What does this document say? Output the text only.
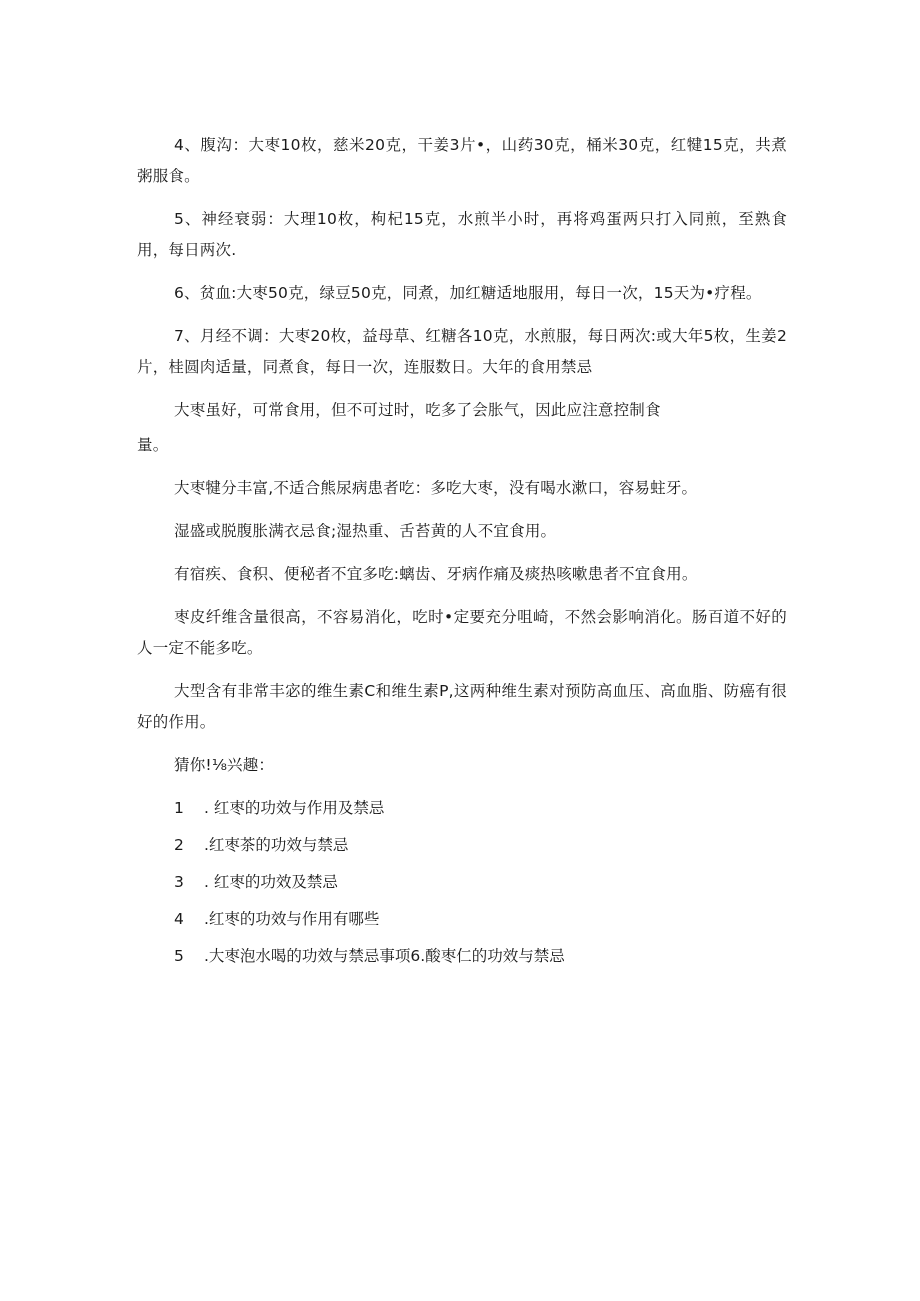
4、腹沟：大枣10枚，慈米20克，干姜3片•，山药30克，桶米30克，红犍15克，共煮粥服食。

5、神经衰弱：大理10枚，枸杞15克，水煎半小时，再将鸡蛋两只打入同煎，至熟食用，每日两次.

6、贫血:大枣50克，绿豆50克，同煮，加红糖适地服用，每日一次，15天为•疗程。

7、月经不调：大枣20枚，益母草、红糖各10克，水煎服，每日两次:或大年5枚，生姜2片，桂圆肉适量，同煮食，每日一次，连服数日。大年的食用禁忌

大枣虽好，可常食用，但不可过时，吃多了会胀气，因此应注意控制食

量。

大枣犍分丰富,不适合熊尿病患者吃：多吃大枣，没有喝水漱口，容易蛀牙。

湿盛或脱腹胀满衣忌食;湿热重、舌苔黄的人不宜食用。

有宿疾、食积、便秘者不宜多吃:螭齿、牙病作痛及痰热咳嗽患者不宜食用。

枣皮纤维含量很高，不容易消化，吃时•定要充分咀崎，不然会影响消化。肠百道不好的人一定不能多吃。

大型含有非常丰宓的维生素C和维生素P,这两种维生素对预防高血压、高血脂、防癌有很好的作用。

猜你!⅛兴趣：

1 . 红枣的功效与作用及禁忌
2 .红枣茶的功效与禁忌
3 . 红枣的功效及禁忌
4 .红枣的功效与作用有哪些
5 .大枣泡水喝的功效与禁忌事项6.酸枣仁的功效与禁忌
